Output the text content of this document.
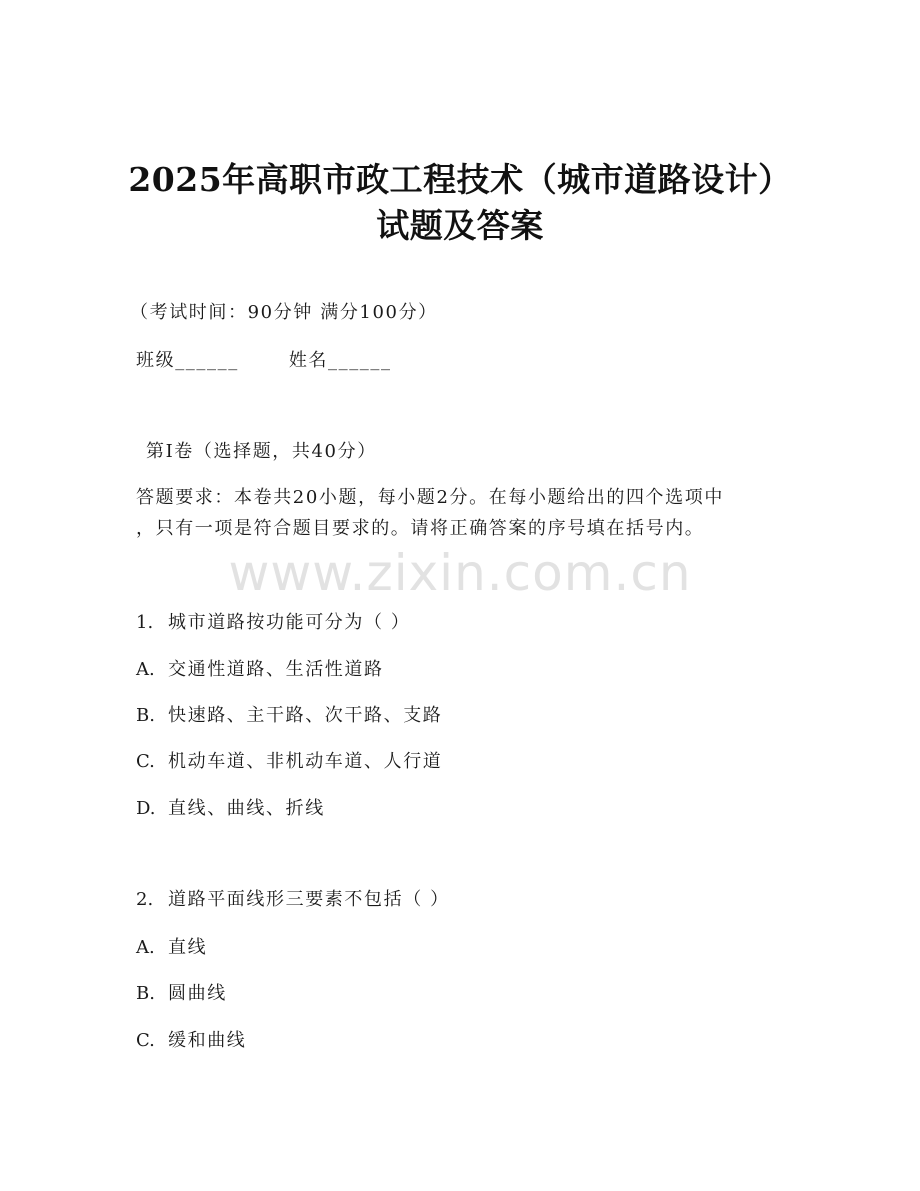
2025年高职市政工程技术（城市道路设计）
试题及答案
（考试时间：90分钟 满分100分）
班级______	姓名______
第Ⅰ卷（选择题，共40分）
答题要求：本卷共20小题，每小题2分。在每小题给出的四个选项中
，只有一项是符合题目要求的。请将正确答案的序号填在括号内。
www.zixin.com.cn
1. 城市道路按功能可分为（ ）
A. 交通性道路、生活性道路
B. 快速路、主干路、次干路、支路
C. 机动车道、非机动车道、人行道
D. 直线、曲线、折线
2. 道路平面线形三要素不包括（ ）
A. 直线
B. 圆曲线
C. 缓和曲线
